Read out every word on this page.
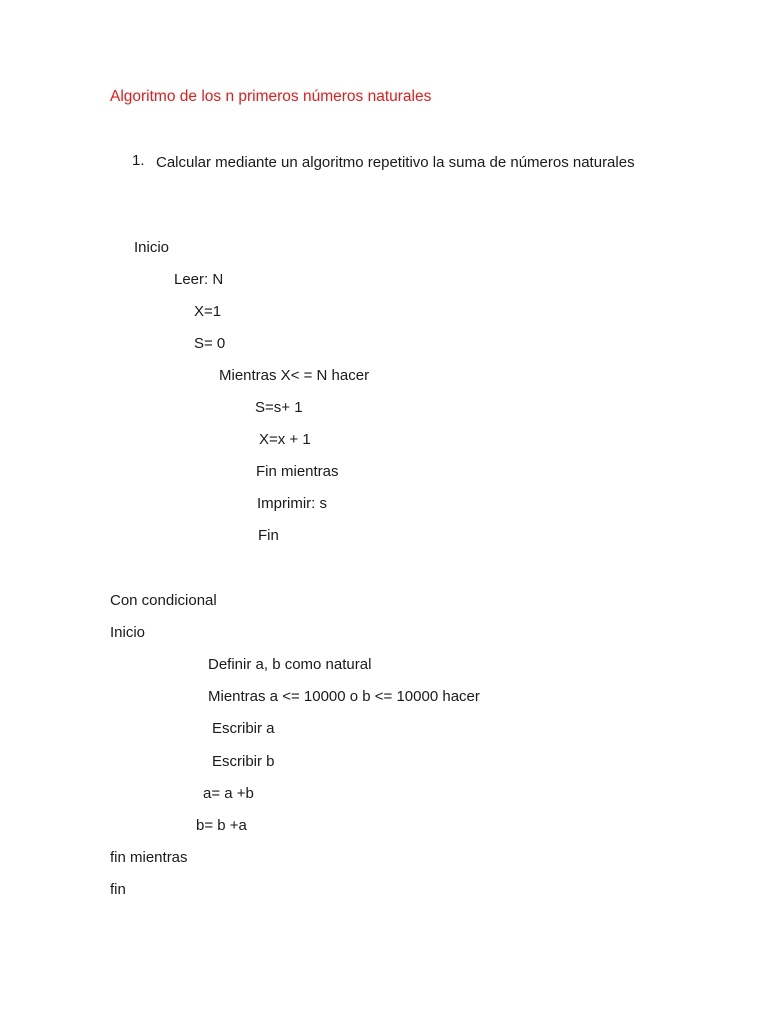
Algoritmo de los n primeros números naturales
1. Calcular mediante un algoritmo repetitivo la suma de números naturales
Inicio
Leer: N
X=1
S= 0
Mientras X< = N hacer
S=s+ 1
X=x + 1
Fin mientras
Imprimir: s
Fin
Con condicional
Inicio
Definir a, b como natural
Mientras a <= 10000 o b <= 10000 hacer
Escribir a
Escribir b
a= a +b
b= b +a
fin mientras
fin
